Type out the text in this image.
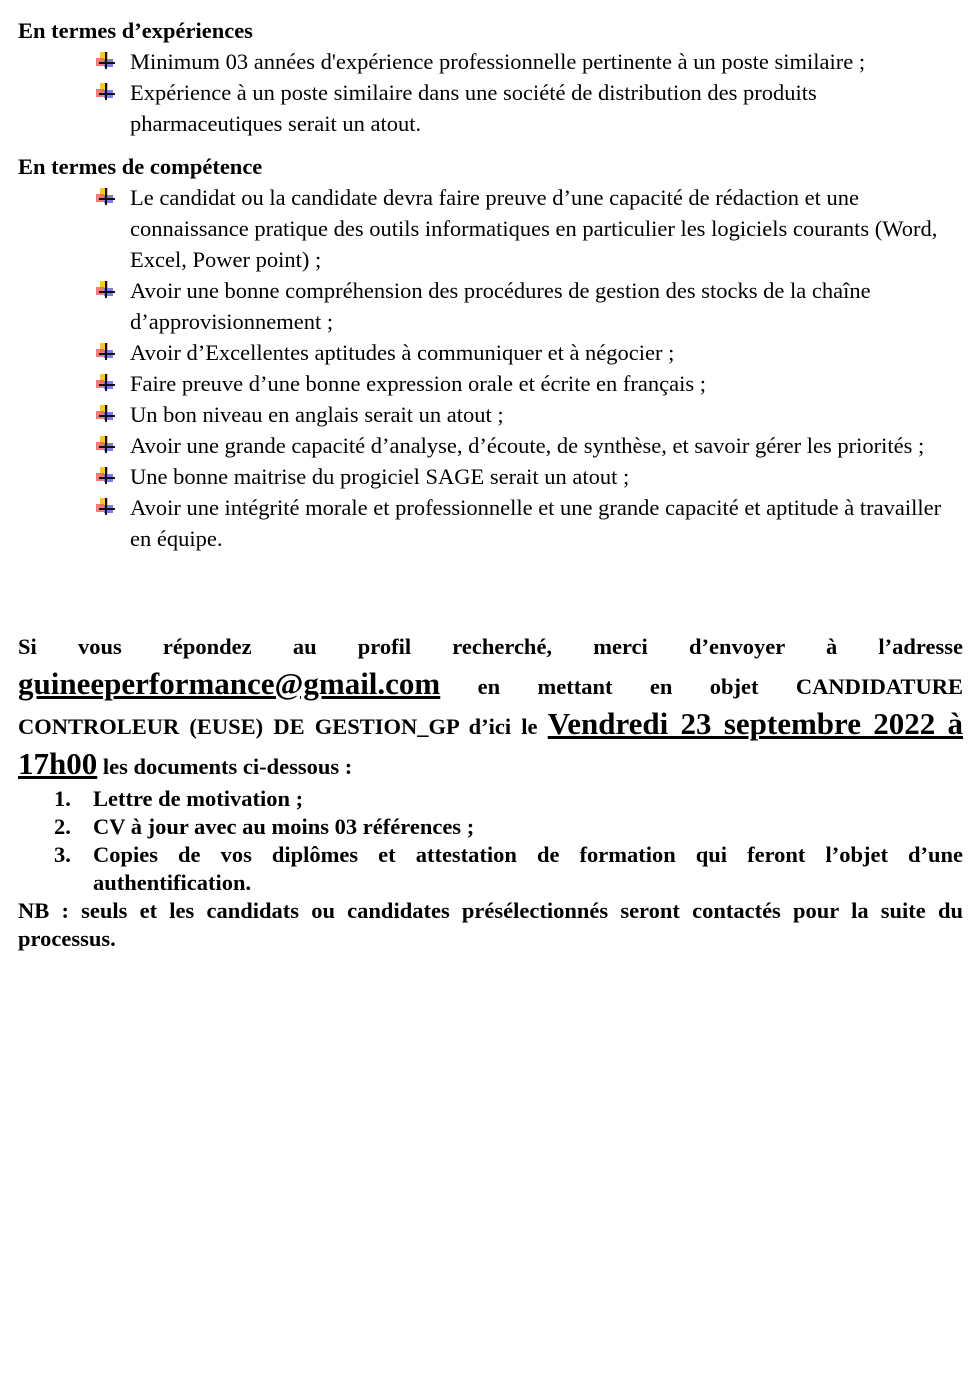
En termes d’expériences
Minimum 03 années d'expérience professionnelle pertinente à un poste similaire ;
Expérience à un poste similaire dans une société de distribution des produits pharmaceutiques serait un atout.
En termes de compétence
Le candidat ou la candidate devra faire preuve d’une capacité de rédaction et une connaissance pratique des outils informatiques en particulier les logiciels courants (Word, Excel, Power point) ;
Avoir une bonne compréhension des procédures de gestion des stocks de la chaîne d’approvisionnement ;
Avoir d’Excellentes aptitudes à communiquer et à négocier ;
Faire preuve d’une bonne expression orale et écrite en français ;
Un bon niveau en anglais serait un atout ;
Avoir une grande capacité d’analyse, d’écoute, de synthèse, et savoir gérer les priorités ;
Une bonne maitrise du progiciel SAGE serait un atout ;
Avoir une intégrité morale et professionnelle et une grande capacité et aptitude à travailler en équipe.
Si vous répondez au profil recherché, merci d’envoyer à l’adresse guineeperformance@gmail.com en mettant en objet CANDIDATURE CONTROLEUR (EUSE) DE GESTION_GP d’ici le Vendredi 23 septembre 2022 à 17h00 les documents ci-dessous :
1. Lettre de motivation ;
2. CV à jour avec au moins 03 références ;
3. Copies de vos diplômes et attestation de formation qui feront l’objet d’une authentification.
NB : seuls et les candidats ou candidates présélectionnés seront contactés pour la suite du processus.
